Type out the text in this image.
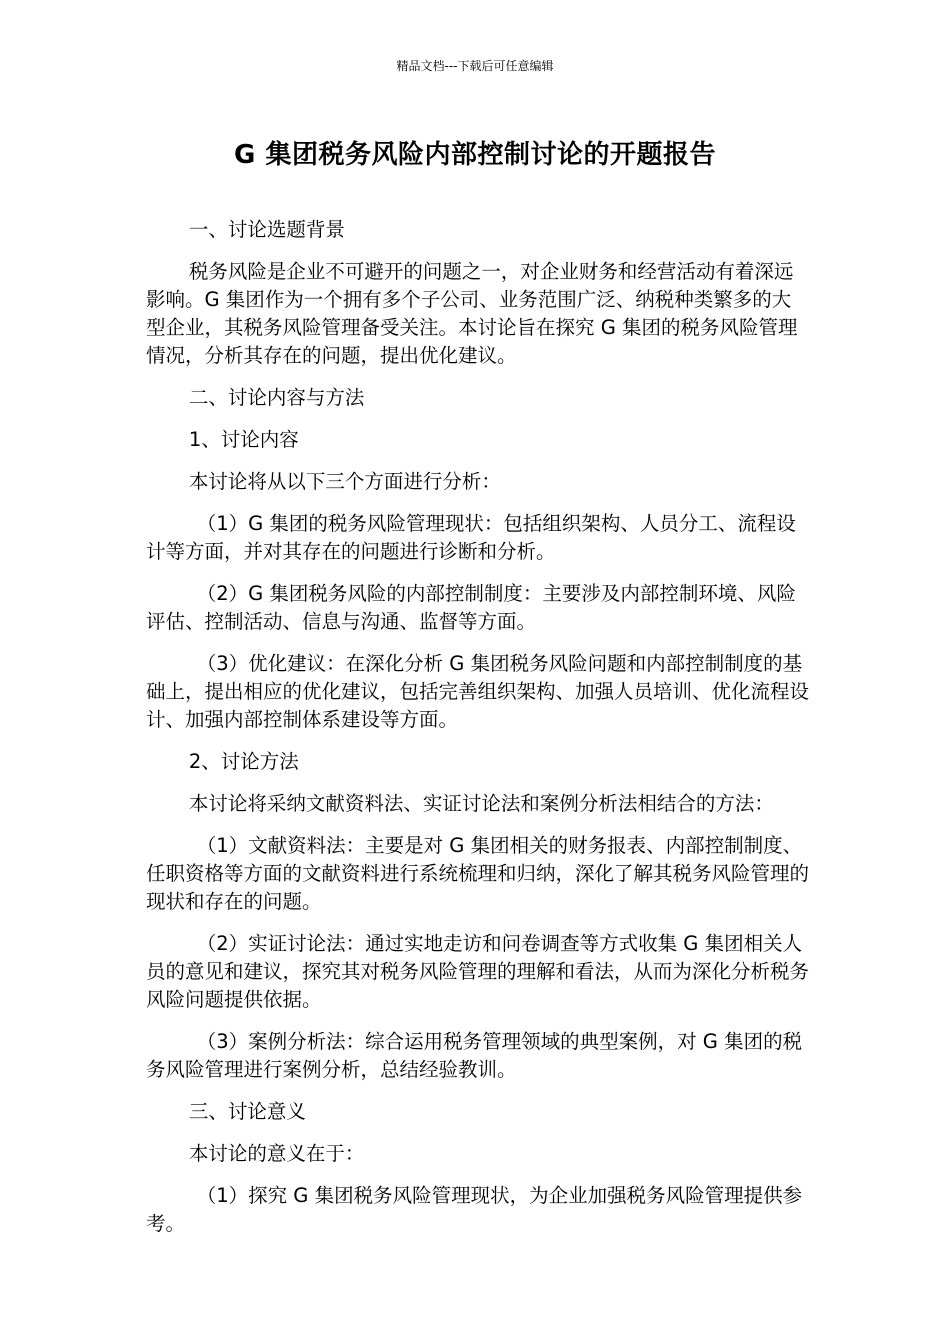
精品文档---下载后可任意编辑
G 集团税务风险内部控制讨论的开题报告

一、讨论选题背景

税务风险是企业不可避开的问题之一，对企业财务和经营活动有着深远影响。G 集团作为一个拥有多个子公司、业务范围广泛、纳税种类繁多的大型企业，其税务风险管理备受关注。本讨论旨在探究 G 集团的税务风险管理情况，分析其存在的问题，提出优化建议。

二、讨论内容与方法

1、讨论内容

本讨论将从以下三个方面进行分析：

（1）G 集团的税务风险管理现状：包括组织架构、人员分工、流程设计等方面，并对其存在的问题进行诊断和分析。

（2）G 集团税务风险的内部控制制度：主要涉及内部控制环境、风险评估、控制活动、信息与沟通、监督等方面。

（3）优化建议：在深化分析 G 集团税务风险问题和内部控制制度的基础上，提出相应的优化建议，包括完善组织架构、加强人员培训、优化流程设计、加强内部控制体系建设等方面。

2、讨论方法

本讨论将采纳文献资料法、实证讨论法和案例分析法相结合的方法：

（1）文献资料法：主要是对 G 集团相关的财务报表、内部控制制度、任职资格等方面的文献资料进行系统梳理和归纳，深化了解其税务风险管理的现状和存在的问题。

（2）实证讨论法：通过实地走访和问卷调查等方式收集 G 集团相关人员的意见和建议，探究其对税务风险管理的理解和看法，从而为深化分析税务风险问题提供依据。

（3）案例分析法：综合运用税务管理领域的典型案例，对 G 集团的税务风险管理进行案例分析，总结经验教训。

三、讨论意义

本讨论的意义在于：

（1）探究 G 集团税务风险管理现状，为企业加强税务风险管理提供参考。
